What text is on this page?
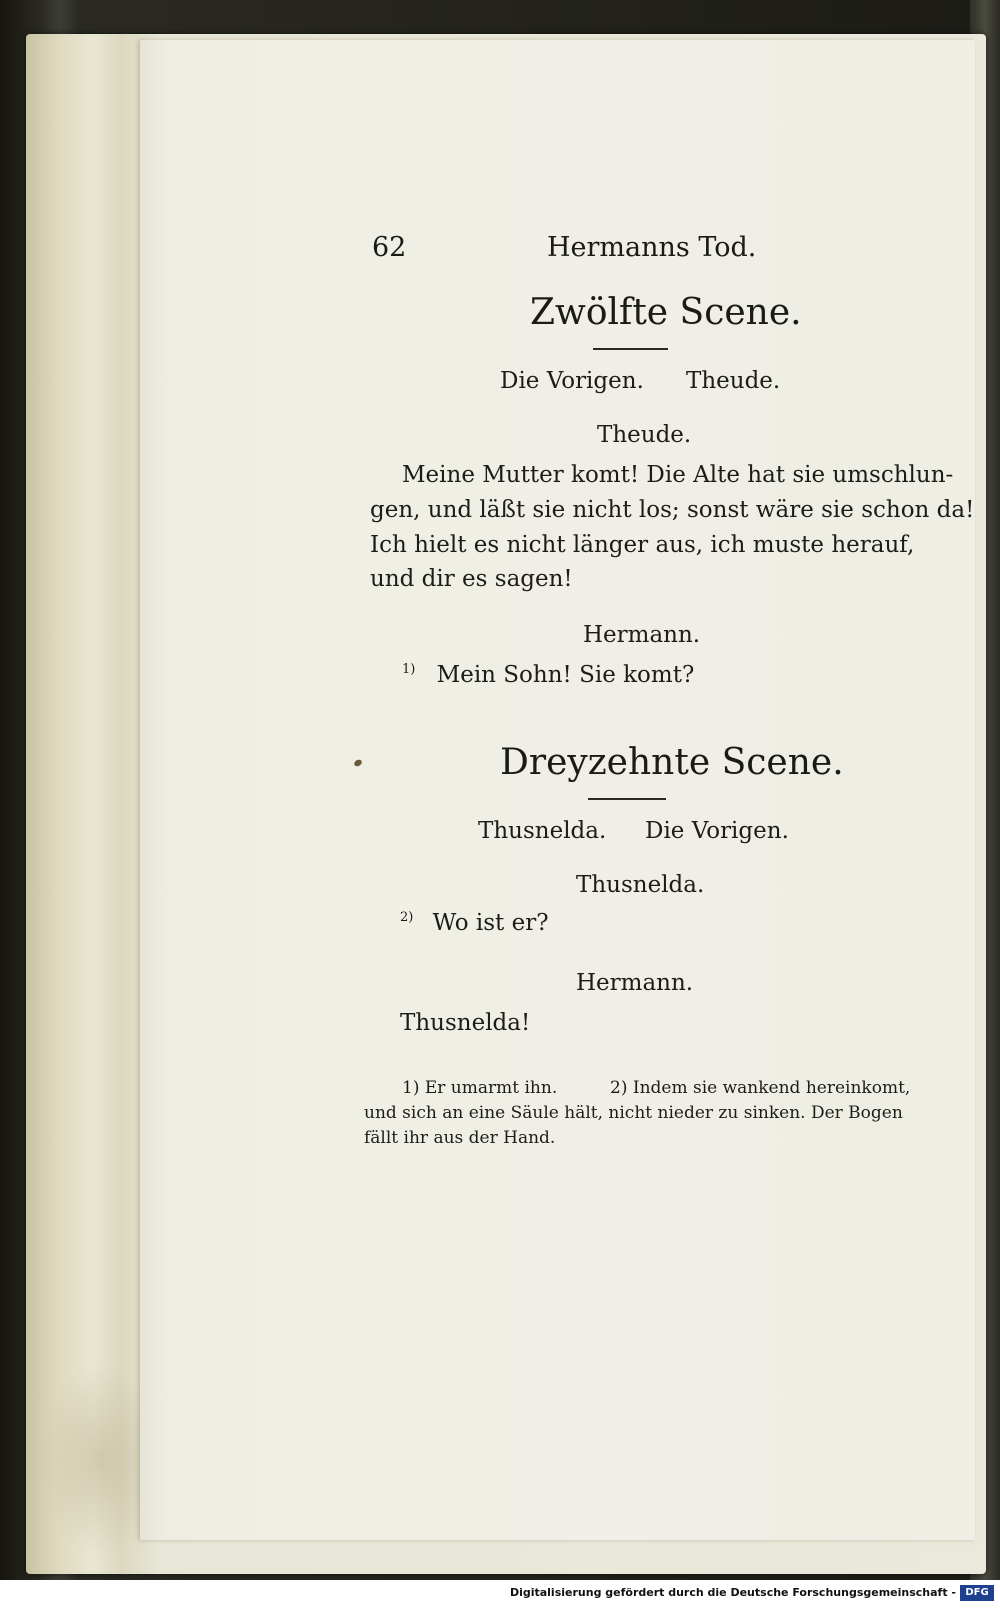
62	Hermanns Tod.
Zwölfte Scene.
Die Vorigen. Theude.
Theude.
Meine Mutter komt! Die Alte hat sie umschlun-
gen, und läßt sie nicht los; sonst wäre sie schon da!
Ich hielt es nicht länger aus, ich muste herauf,
und dir es sagen!
Hermann.
$^{1)}$ Mein Sohn! Sie komt?
Dreyzehnte Scene.
Thusnelda. Die Vorigen.
Thusnelda.
$^{2)}$ Wo ist er?
Hermann.
Thusnelda!
1) Er umarmt ihn.	2) Indem sie wankend hereinkomt,
und sich an eine Säule hält, nicht nieder zu sinken. Der Bogen
fällt ihr aus der Hand.
Digitalisierung gefördert durch die Deutsche Forschungsgemeinschaft - DFG
